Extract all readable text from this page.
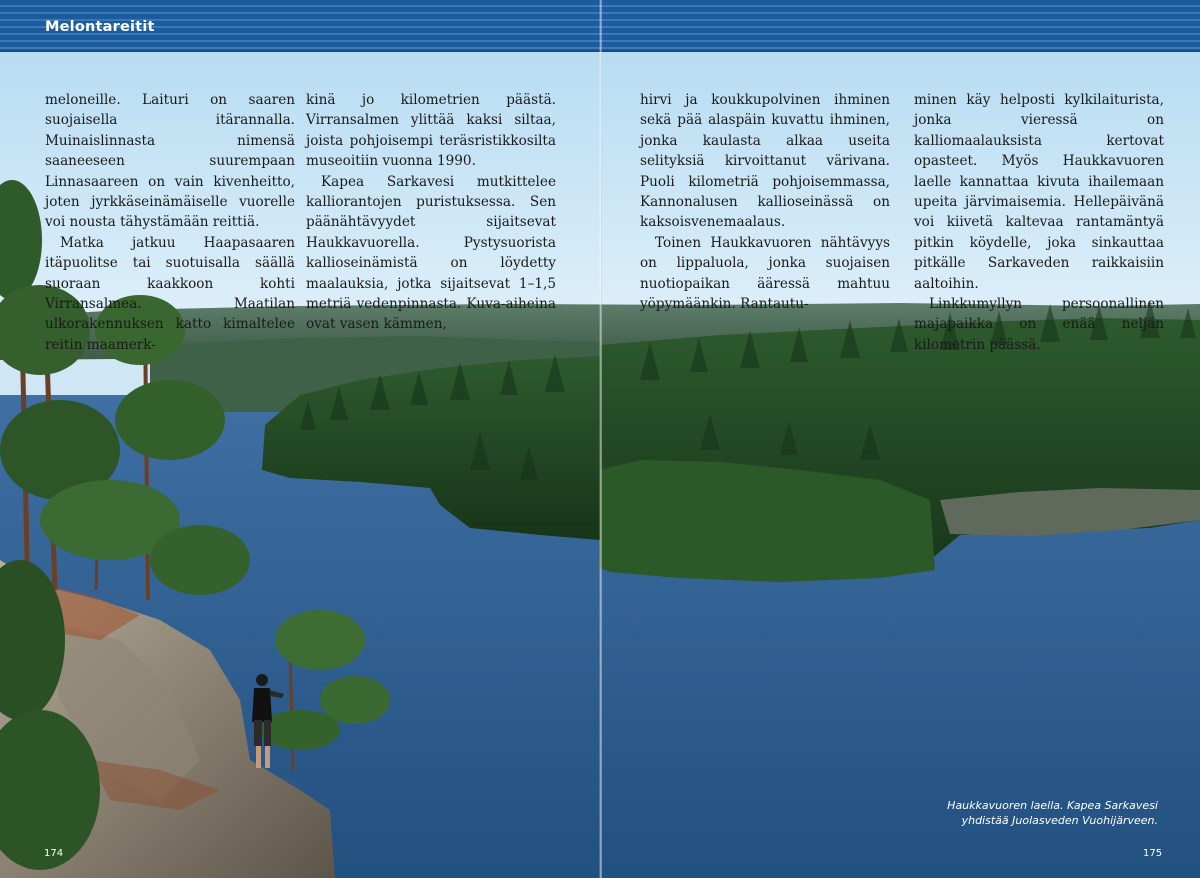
Melontareitit

meloneille. Laituri on saaren suojaisella itärannalla. Muinaislinnasta nimensä saaneeseen suurempaan Linnasaareen on vain kivenheitto, joten jyrkkäseinämäiselle vuorelle voi nousta tähystämään reittiä.

Matka jatkuu Haapasaaren itäpuolitse tai suotuisalla säällä suoraan kaakkoon kohti Virransalmea. Maatilan ulkorakennuksen katto kimaltelee reitin maamerk-

kinä jo kilometrien päästä. Virransalmen ylittää kaksi siltaa, joista pohjoisempi teräsristikkosilta museoitiin vuonna 1990.

Kapea Sarkavesi mutkittelee kalliorantojen puristuksessa. Sen päänähtävyydet sijaitsevat Haukkavuorella. Pystysuorista kallioseinämistä on löydetty maalauksia, jotka sijaitsevat 1–1,5 metriä vedenpinnasta. Kuva-aiheina ovat vasen kämmen,

hirvi ja koukkupolvinen ihminen sekä pää alaspäin kuvattu ihminen, jonka kaulasta alkaa useita selityksiä kirvoittanut värivana. Puoli kilometriä pohjoisemmassa, Kannonalusen kallioseinässä on kaksoisvenemaalaus.

Toinen Haukkavuoren nähtävyys on lippaluola, jonka suojaisen nuotiopaikan ääressä mahtuu yöpymäänkin. Rantautu-

minen käy helposti kylkilaiturista, jonka vieressä on kalliomaalauksista kertovat opasteet. Myös Haukkavuoren laelle kannattaa kivuta ihailemaan upeita järvimaisemia. Hellepäivänä voi kiivetä kaltevaa rantamäntyä pitkin köydelle, joka sinkauttaa pitkälle Sarkaveden raikkaisiin aaltoihin.

Linkkumyllyn persoonallinen majapaikka on enää neljän kilometrin päässä.

Haukkavuoren laella. Kapea Sarkavesi
yhdistää Juolasveden Vuohijärveen.
174	175
